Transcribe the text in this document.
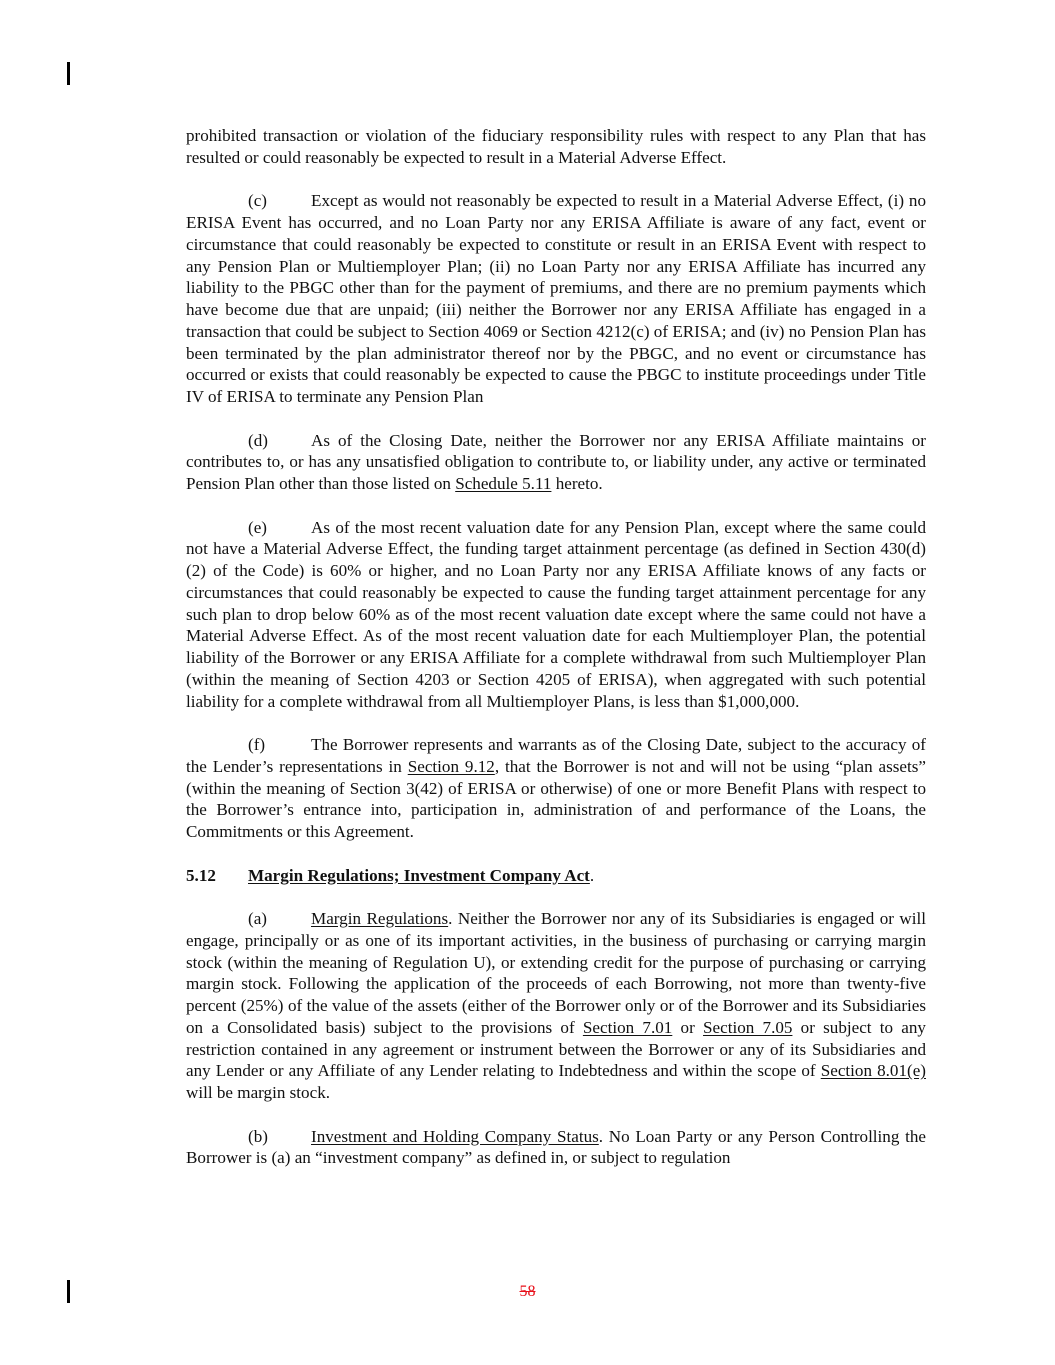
prohibited transaction or violation of the fiduciary responsibility rules with respect to any Plan that has resulted or could reasonably be expected to result in a Material Adverse Effect.

(c)	Except as would not reasonably be expected to result in a Material Adverse Effect, (i) no ERISA Event has occurred, and no Loan Party nor any ERISA Affiliate is aware of any fact, event or circumstance that could reasonably be expected to constitute or result in an ERISA Event with respect to any Pension Plan or Multiemployer Plan; (ii) no Loan Party nor any ERISA Affiliate has incurred any liability to the PBGC other than for the payment of premiums, and there are no premium payments which have become due that are unpaid; (iii) neither the Borrower nor any ERISA Affiliate has engaged in a transaction that could be subject to Section 4069 or Section 4212(c) of ERISA; and (iv) no Pension Plan has been terminated by the plan administrator thereof nor by the PBGC, and no event or circumstance has occurred or exists that could reasonably be expected to cause the PBGC to institute proceedings under Title IV of ERISA to terminate any Pension Plan

(d)	As of the Closing Date, neither the Borrower nor any ERISA Affiliate maintains or contributes to, or has any unsatisfied obligation to contribute to, or liability under, any active or terminated Pension Plan other than those listed on Schedule 5.11 hereto.

(e)	As of the most recent valuation date for any Pension Plan, except where the same could not have a Material Adverse Effect, the funding target attainment percentage (as defined in Section 430(d)(2) of the Code) is 60% or higher, and no Loan Party nor any ERISA Affiliate knows of any facts or circumstances that could reasonably be expected to cause the funding target attainment percentage for any such plan to drop below 60% as of the most recent valuation date except where the same could not have a Material Adverse Effect. As of the most recent valuation date for each Multiemployer Plan, the potential liability of the Borrower or any ERISA Affiliate for a complete withdrawal from such Multiemployer Plan (within the meaning of Section 4203 or Section 4205 of ERISA), when aggregated with such potential liability for a complete withdrawal from all Multiemployer Plans, is less than $1,000,000.

(f)	The Borrower represents and warrants as of the Closing Date, subject to the accuracy of the Lender’s representations in Section 9.12, that the Borrower is not and will not be using “plan assets” (within the meaning of Section 3(42) of ERISA or otherwise) of one or more Benefit Plans with respect to the Borrower’s entrance into, participation in, administration of and performance of the Loans, the Commitments or this Agreement.

5.12 Margin Regulations; Investment Company Act.

(a)	Margin Regulations. Neither the Borrower nor any of its Subsidiaries is engaged or will engage, principally or as one of its important activities, in the business of purchasing or carrying margin stock (within the meaning of Regulation U), or extending credit for the purpose of purchasing or carrying margin stock. Following the application of the proceeds of each Borrowing, not more than twenty-five percent (25%) of the value of the assets (either of the Borrower only or of the Borrower and its Subsidiaries on a Consolidated basis) subject to the provisions of Section 7.01 or Section 7.05 or subject to any restriction contained in any agreement or instrument between the Borrower or any of its Subsidiaries and any Lender or any Affiliate of any Lender relating to Indebtedness and within the scope of Section 8.01(e) will be margin stock.

(b)	Investment and Holding Company Status. No Loan Party or any Person Controlling the Borrower is (a) an “investment company” as defined in, or subject to regulation

58
